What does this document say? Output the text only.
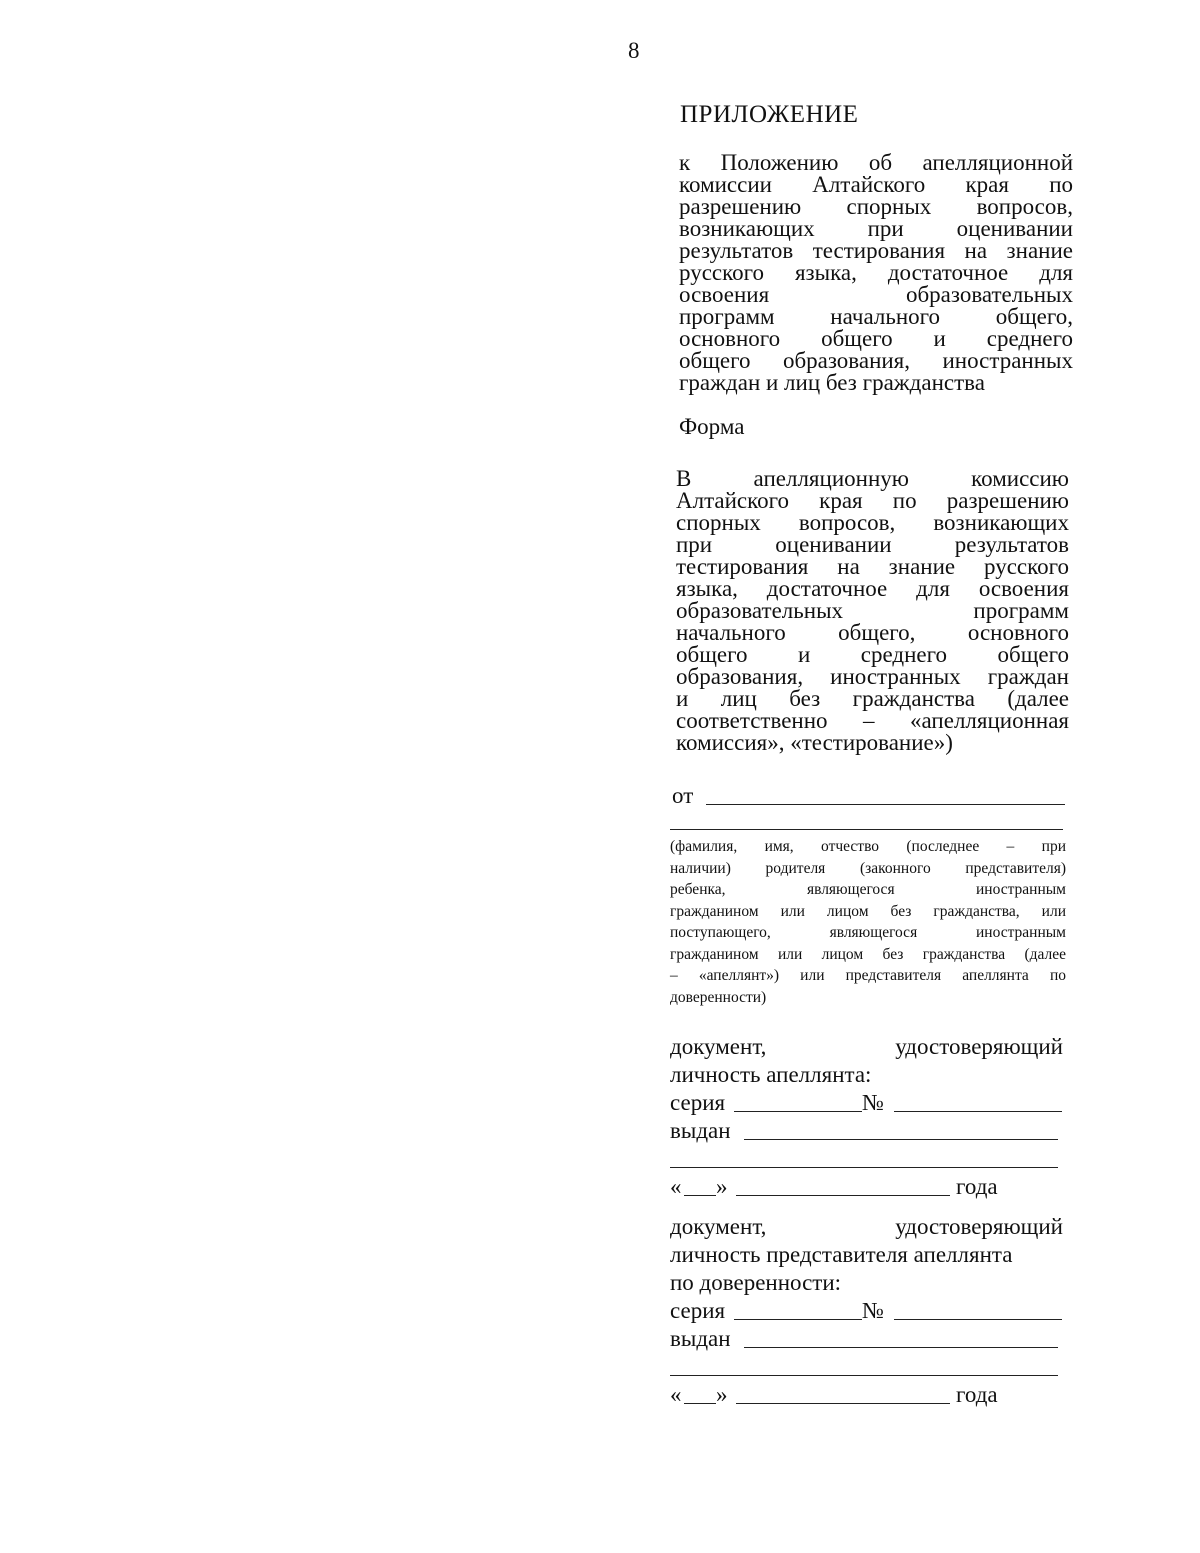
8
ПРИЛОЖЕНИЕ
к Положению об апелляционной
комиссии Алтайского края по
разрешению спорных вопросов,
возникающих при оценивании
результатов тестирования на знание
русского языка, достаточное для
освоения образовательных
программ начального общего,
основного общего и среднего
общего образования, иностранных
граждан и лиц без гражданства
Форма
В апелляционную комиссию
Алтайского края по разрешению
спорных вопросов, возникающих
при оценивании результатов
тестирования на знание русского
языка, достаточное для освоения
образовательных программ
начального общего, основного
общего и среднего общего
образования, иностранных граждан
и лиц без гражданства (далее
соответственно – «апелляционная
комиссия», «тестирование»)
от
(фамилия, имя, отчество (последнее – при
наличии) родителя (законного представителя)
ребенка, являющегося иностранным
гражданином или лицом без гражданства, или
поступающего, являющегося иностранным
гражданином или лицом без гражданства (далее
– «апеллянт») или представителя апеллянта по
доверенности)
документ, удостоверяющий
личность апеллянта:
серия	№
выдан
« »	года
документ, удостоверяющий
личность представителя апеллянта
по доверенности:
серия	№
выдан
« »	года
